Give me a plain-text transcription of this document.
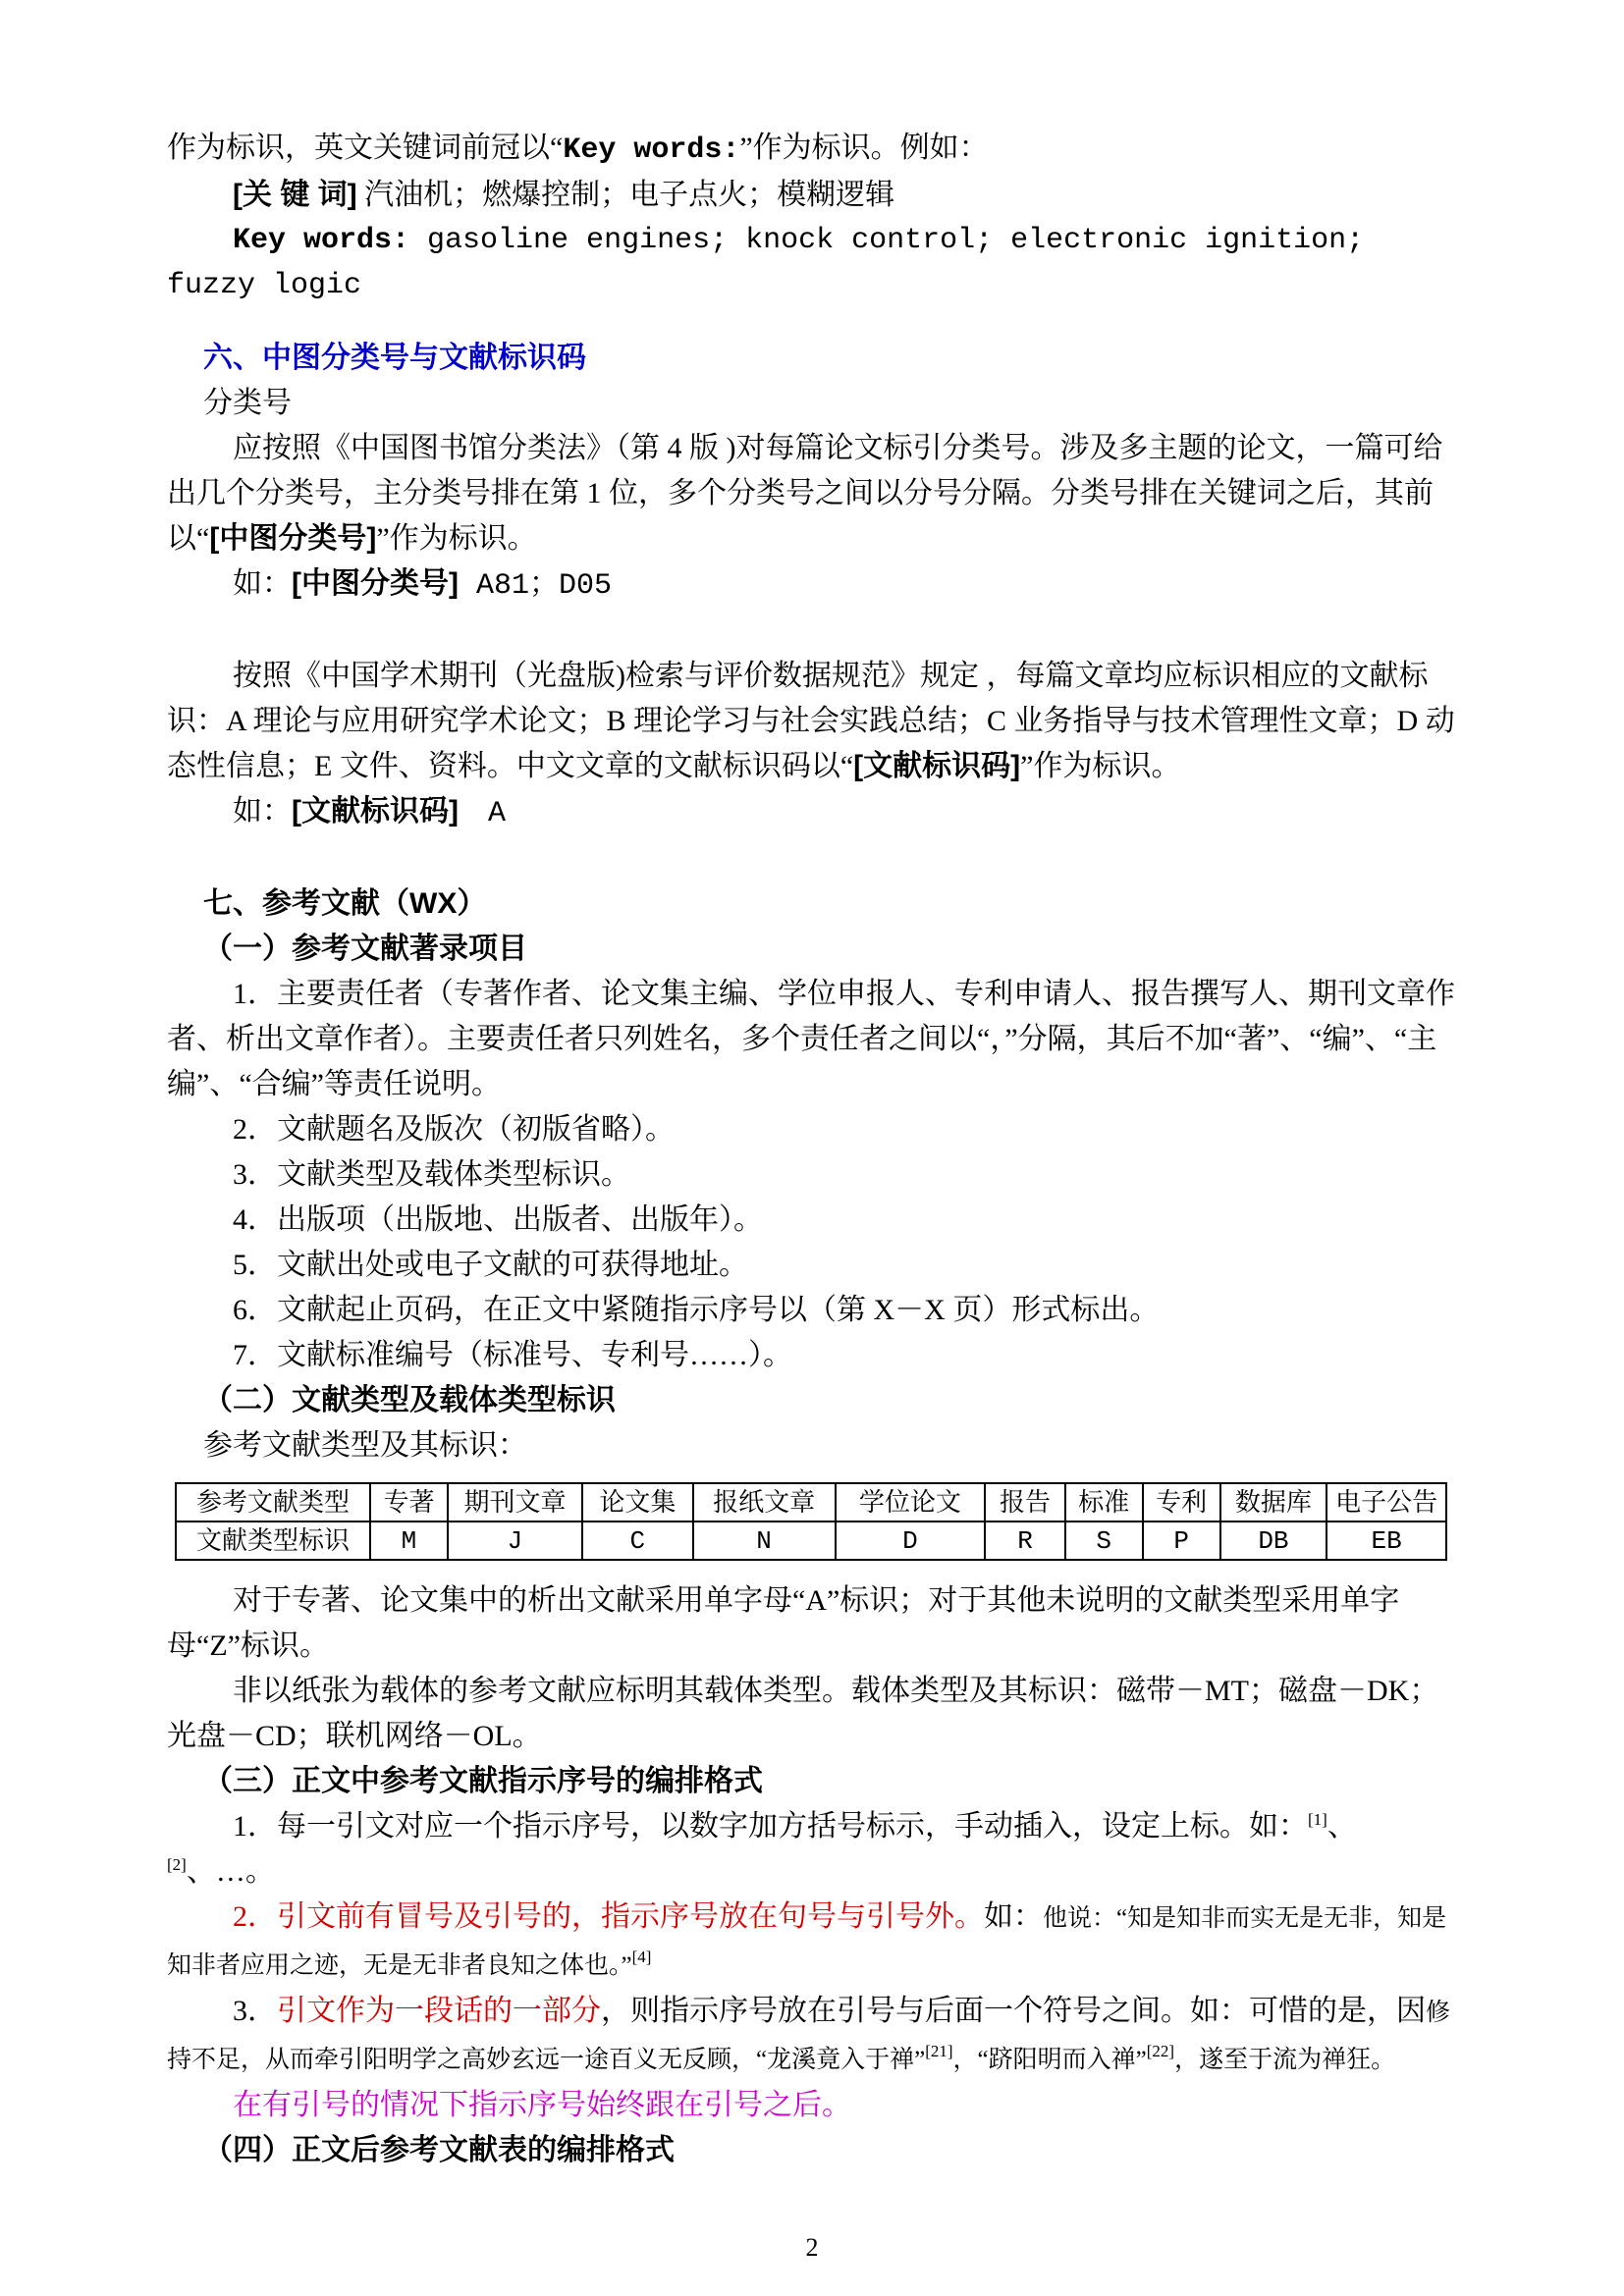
作为标识，英文关键词前冠以“Key words:”作为标识。例如：

[关 键 词] 汽油机；燃爆控制；电子点火；模糊逻辑

Key words: gasoline engines; knock control; electronic ignition; fuzzy logic

六、中图分类号与文献标识码

分类号

应按照《中国图书馆分类法》（第 4 版 )对每篇论文标引分类号。涉及多主题的论文，一篇可给出几个分类号，主分类号排在第 1 位，多个分类号之间以分号分隔。分类号排在关键词之后，其前以“[中图分类号]”作为标识。

如：[中图分类号] A81；D05

按照《中国学术期刊（光盘版)检索与评价数据规范》规定 ，每篇文章均应标识相应的文献标识：A 理论与应用研究学术论文；B 理论学习与社会实践总结；C 业务指导与技术管理性文章；D 动态性信息；E 文件、资料。中文文章的文献标识码以“[文献标识码]”作为标识。

如：[文献标识码]　A

七、参考文献（WX）

（一）参考文献著录项目

1．主要责任者（专著作者、论文集主编、学位申报人、专利申请人、报告撰写人、期刊文章作者、析出文章作者）。主要责任者只列姓名，多个责任者之间以“，”分隔，其后不加“著”、“编”、“主编”、“合编”等责任说明。

2．文献题名及版次（初版省略）。

3．文献类型及载体类型标识。

4．出版项（出版地、出版者、出版年）。

5．文献出处或电子文献的可获得地址。

6．文献起止页码，在正文中紧随指示序号以（第 X－X 页）形式标出。

7．文献标准编号（标准号、专利号……）。

（二）文献类型及载体类型标识

参考文献类型及其标识：

参考文献类型	专著	期刊文章	论文集	报纸文章	学位论文	报告	标准	专利	数据库	电子公告
文献类型标识	M	J	C	N	D	R	S	P	DB	EB

对于专著、论文集中的析出文献采用单字母“A”标识；对于其他未说明的文献类型采用单字母“Z”标识。

非以纸张为载体的参考文献应标明其载体类型。载体类型及其标识：磁带－MT；磁盘－DK；光盘－CD；联机网络－OL。

（三）正文中参考文献指示序号的编排格式

1．每一引文对应一个指示序号，以数字加方括号标示，手动插入，设定上标。如：[1]、[2]、…。

2．引文前有冒号及引号的，指示序号放在句号与引号外。如：他说：“知是知非而实无是无非，知是知非者应用之迹，无是无非者良知之体也。”[4]

3．引文作为一段话的一部分，则指示序号放在引号与后面一个符号之间。如：可惜的是，因修持不足，从而牵引阳明学之高妙玄远一途百义无反顾，“龙溪竟入于禅”[21]，“跻阳明而入禅”[22]，遂至于流为禅狂。

在有引号的情况下指示序号始终跟在引号之后。

（四）正文后参考文献表的编排格式

2
